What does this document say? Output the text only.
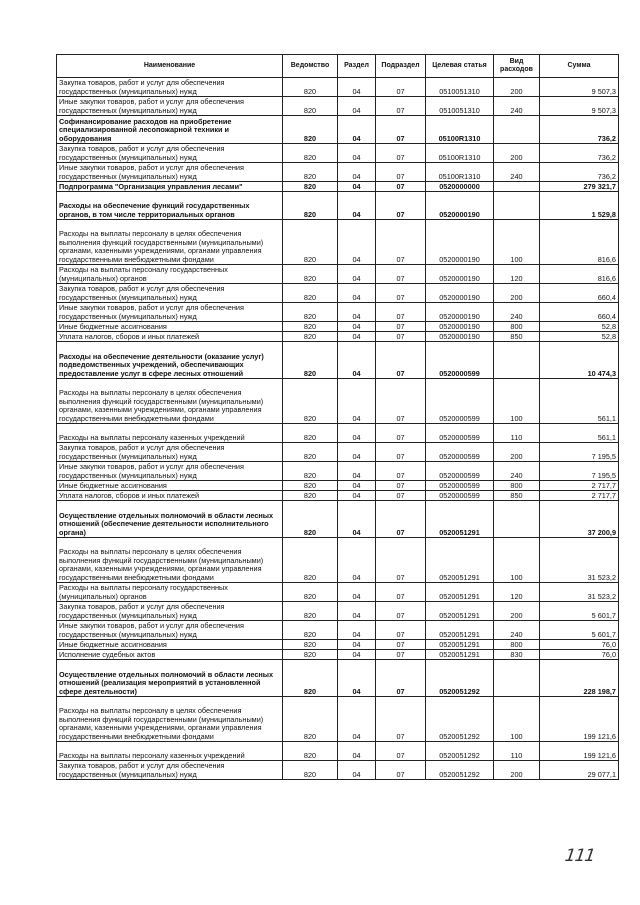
Наименование	Ведомство	Раздел	Подраздел	Целевая статья	Вид расходов	Сумма
Закупка товаров, работ и услуг для обеспечения государственных (муниципальных) нужд	820	04	07	0510051310	200	9 507,3
Иные закупки товаров, работ и услуг для обеспечения государственных (муниципальных) нужд	820	04	07	0510051310	240	9 507,3
Софинансирование расходов на приобретение специализированной лесопожарной техники и оборудования	820	04	07	05100R1310		736,2
Закупка товаров, работ и услуг для обеспечения государственных (муниципальных) нужд	820	04	07	05100R1310	200	736,2
Иные закупки товаров, работ и услуг для обеспечения государственных (муниципальных) нужд	820	04	07	05100R1310	240	736,2
Подпрограмма "Организация управления лесами"	820	04	07	0520000000		279 321,7
Расходы на обеспечение функций государственных органов, в том числе территориальных органов	820	04	07	0520000190		1 529,8
Расходы на выплаты персоналу в целях обеспечения выполнения функций государственными (муниципальными) органами, казенными учреждениями, органами управления государственными внебюджетными фондами	820	04	07	0520000190	100	816,6
Расходы на выплаты персоналу государственных (муниципальных) органов	820	04	07	0520000190	120	816,6
Закупка товаров, работ и услуг для обеспечения государственных (муниципальных) нужд	820	04	07	0520000190	200	660,4
Иные закупки товаров, работ и услуг для обеспечения государственных (муниципальных) нужд	820	04	07	0520000190	240	660,4
Иные бюджетные ассигнования	820	04	07	0520000190	800	52,8
Уплата налогов, сборов и иных платежей	820	04	07	0520000190	850	52,8
Расходы на обеспечение деятельности (оказание услуг) подведомственных учреждений, обеспечивающих предоставление услуг в сфере лесных отношений	820	04	07	0520000599		10 474,3
Расходы на выплаты персоналу в целях обеспечения выполнения функций государственными (муниципальными) органами, казенными учреждениями, органами управления государственными внебюджетными фондами	820	04	07	0520000599	100	561,1
Расходы на выплаты персоналу казенных учреждений	820	04	07	0520000599	110	561,1
Закупка товаров, работ и услуг для обеспечения государственных (муниципальных) нужд	820	04	07	0520000599	200	7 195,5
Иные закупки товаров, работ и услуг для обеспечения государственных (муниципальных) нужд	820	04	07	0520000599	240	7 195,5
Иные бюджетные ассигнования	820	04	07	0520000599	800	2 717,7
Уплата налогов, сборов и иных платежей	820	04	07	0520000599	850	2 717,7
Осуществление отдельных полномочий в области лесных отношений (обеспечение деятельности исполнительного органа)	820	04	07	0520051291		37 200,9
Расходы на выплаты персоналу в целях обеспечения выполнения функций государственными (муниципальными) органами, казенными учреждениями, органами управления государственными внебюджетными фондами	820	04	07	0520051291	100	31 523,2
Расходы на выплаты персоналу государственных (муниципальных) органов	820	04	07	0520051291	120	31 523,2
Закупка товаров, работ и услуг для обеспечения государственных (муниципальных) нужд	820	04	07	0520051291	200	5 601,7
Иные закупки товаров, работ и услуг для обеспечения государственных (муниципальных) нужд	820	04	07	0520051291	240	5 601,7
Иные бюджетные ассигнования	820	04	07	0520051291	800	76,0
Исполнение судебных актов	820	04	07	0520051291	830	76,0
Осуществление отдельных полномочий в области лесных отношений (реализация мероприятий в установленной сфере деятельности)	820	04	07	0520051292		228 198,7
Расходы на выплаты персоналу в целях обеспечения выполнения функций государственными (муниципальными) органами, казенными учреждениями, органами управления государственными внебюджетными фондами	820	04	07	0520051292	100	199 121,6
Расходы на выплаты персоналу казенных учреждений	820	04	07	0520051292	110	199 121,6
Закупка товаров, работ и услуг для обеспечения государственных (муниципальных) нужд	820	04	07	0520051292	200	29 077,1
111
